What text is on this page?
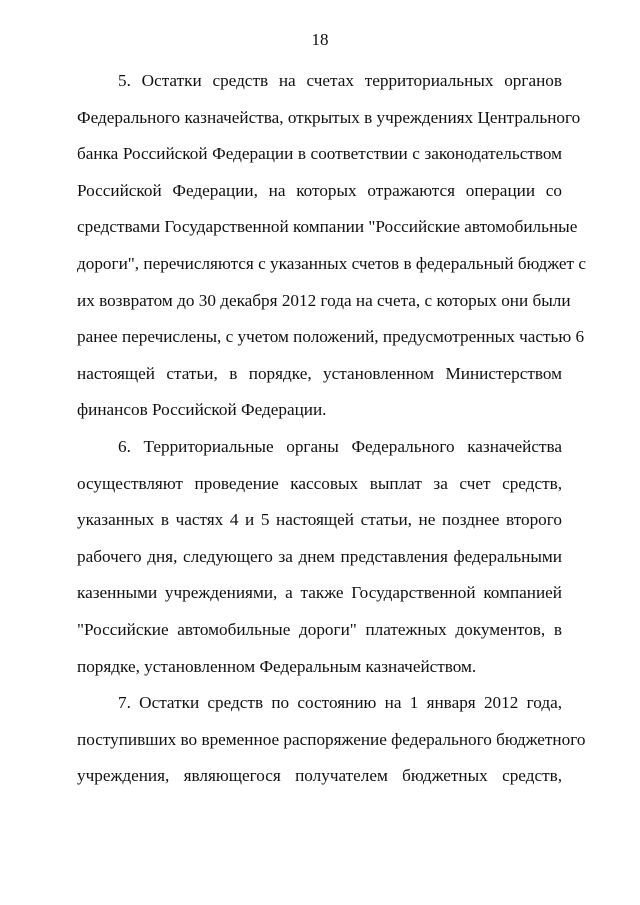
18
5. Остатки средств на счетах территориальных органов
Федерального казначейства, открытых в учреждениях Центрального
банка Российской Федерации в соответствии с законодательством
Российской Федерации, на которых отражаются операции со
средствами Государственной компании "Российские автомобильные
дороги", перечисляются с указанных счетов в федеральный бюджет с
их возвратом до 30 декабря 2012 года на счета, с которых они были
ранее перечислены, с учетом положений, предусмотренных частью 6
настоящей статьи, в порядке, установленном Министерством
финансов Российской Федерации.
6. Территориальные органы Федерального казначейства
осуществляют проведение кассовых выплат за счет средств,
указанных в частях 4 и 5 настоящей статьи, не позднее второго
рабочего дня, следующего за днем представления федеральными
казенными учреждениями, а также Государственной компанией
"Российские автомобильные дороги" платежных документов, в
порядке, установленном Федеральным казначейством.
7. Остатки средств по состоянию на 1 января 2012 года,
поступивших во временное распоряжение федерального бюджетного
учреждения, являющегося получателем бюджетных средств,
